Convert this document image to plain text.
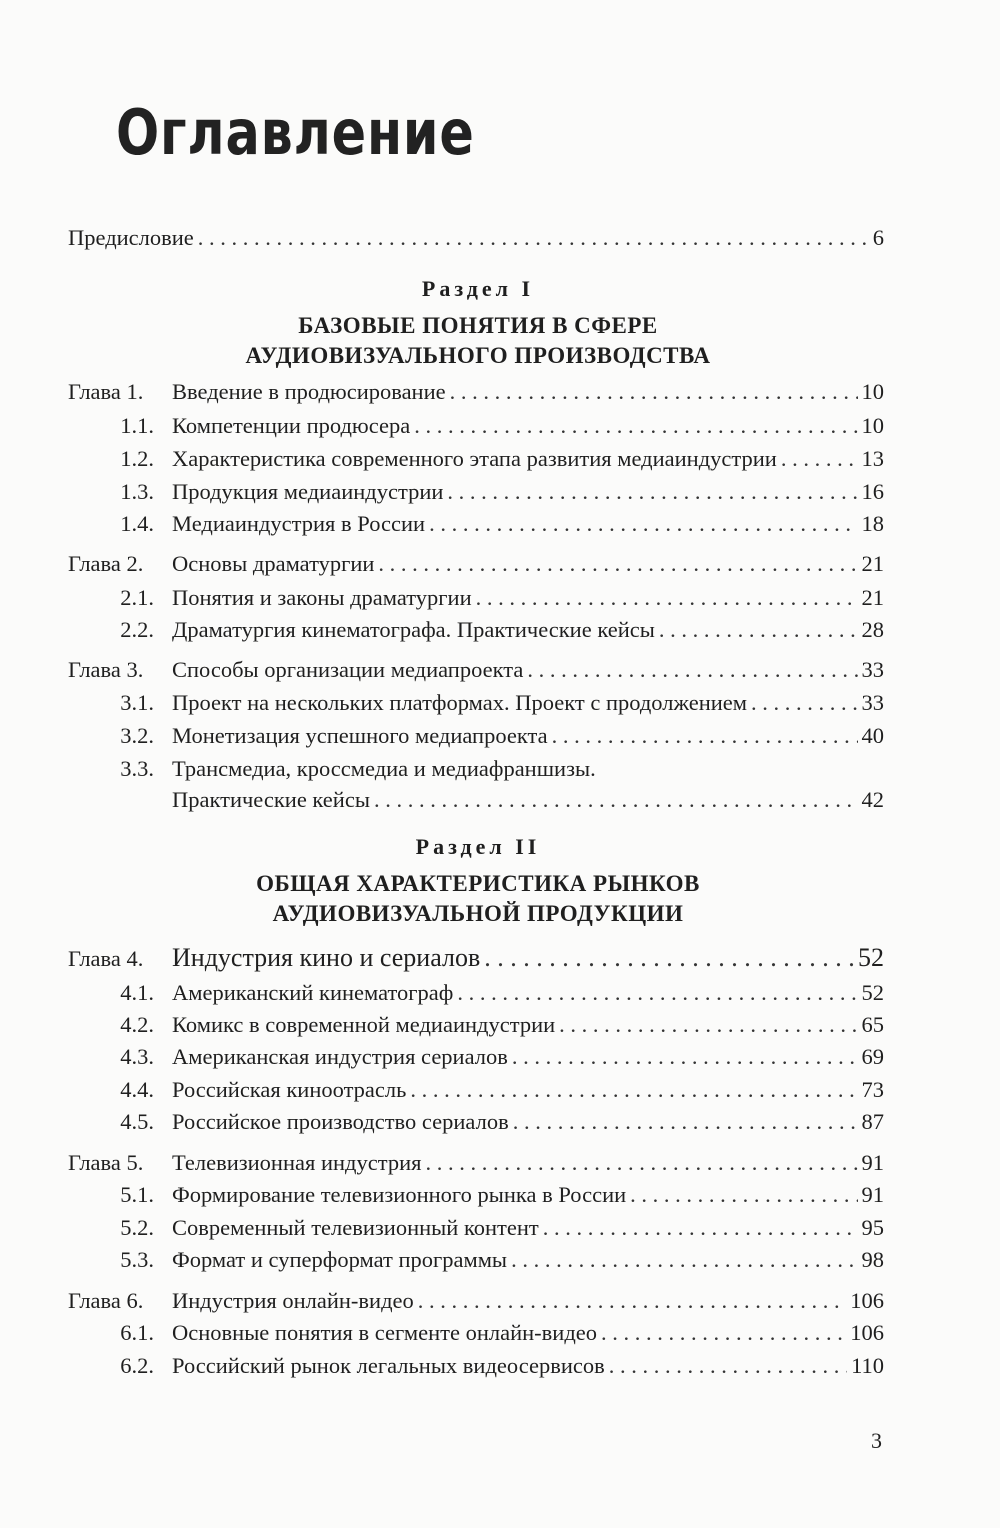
Оглавление
Предисловие . . .	6
Раздел I
БАЗОВЫЕ ПОНЯТИЯ В СФЕРЕ
АУДИОВИЗУАЛЬНОГО ПРОИЗВОДСТВА
Глава 1.	Введение в продюсирование . . .	10
1.1. Компетенции продюсера . . .	10
1.2. Характеристика современного этапа развития медиаиндустрии . . .	13
1.3. Продукция медиаиндустрии . . .	16
1.4. Медиаиндустрия в России . . .	18
Глава 2.	Основы драматургии . . .	21
2.1. Понятия и законы драматургии . . .	21
2.2. Драматургия кинематографа. Практические кейсы . . .	28
Глава 3.	Способы организации медиапроекта . . .	33
3.1. Проект на нескольких платформах. Проект с продолжением . . .	33
3.2. Монетизация успешного медиапроекта . . .	40
3.3. Трансмедиа, кроссмедиа и медиафраншизы.
Практические кейсы . . .	42
Раздел II
ОБЩАЯ ХАРАКТЕРИСТИКА РЫНКОВ
АУДИОВИЗУАЛЬНОЙ ПРОДУКЦИИ
Глава 4.	Индустрия кино и сериалов . . .	52
4.1. Американский кинематограф . . .	52
4.2. Комикс в современной медиаиндустрии . . .	65
4.3. Американская индустрия сериалов . . .	69
4.4. Российская киноотрасль . . .	73
4.5. Российское производство сериалов . . .	87
Глава 5.	Телевизионная индустрия . . .	91
5.1. Формирование телевизионного рынка в России . . .	91
5.2. Современный телевизионный контент . . .	95
5.3. Формат и суперформат программы . . .	98
Глава 6.	Индустрия онлайн-видео . . .	106
6.1. Основные понятия в сегменте онлайн-видео . . .	106
6.2. Российский рынок легальных видеосервисов . . .	110
3
